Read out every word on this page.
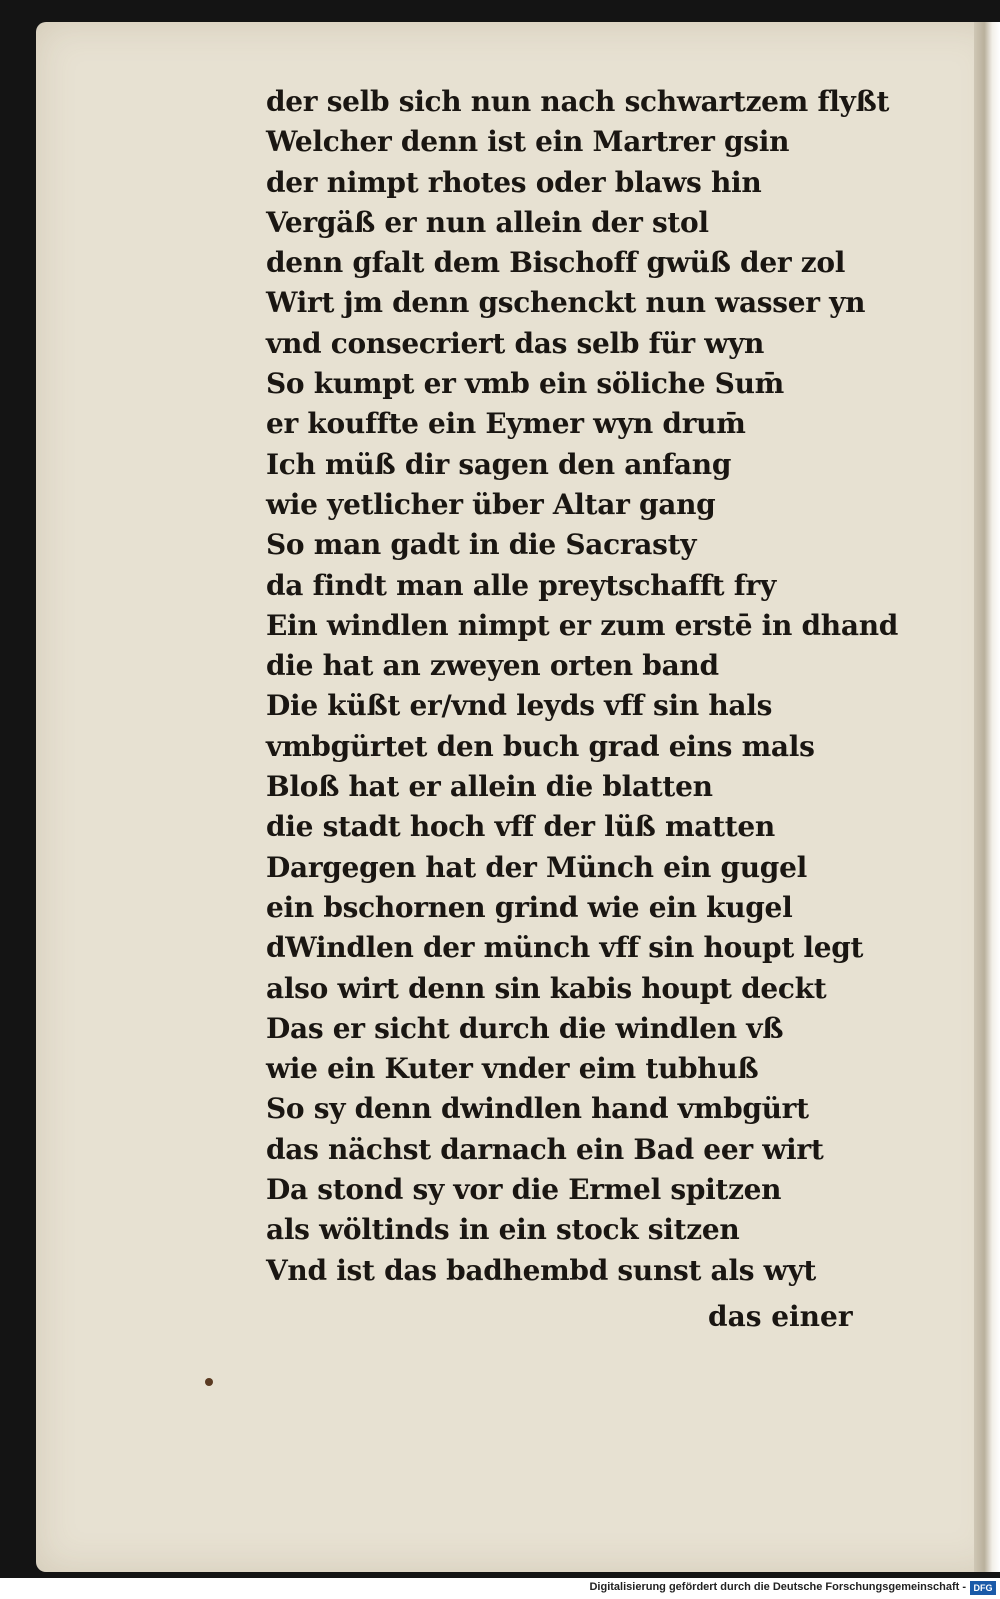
der selb sich nun nach schwartzem flyßt
Welcher denn ist ein Martrer gsin
der nimpt rhotes oder blaws hin
Vergäß er nun allein der stol
denn gfalt dem Bischoff gwüß der zol
Wirt jm denn gschenckt nun wasser yn
vnd consecriert das selb für wyn
So kumpt er vmb ein söliche Sum̄
er kouffte ein Eymer wyn drum̄
Ich müß dir sagen den anfang
wie yetlicher über Altar gang
So man gadt in die Sacrasty
da findt man alle preytschafft fry
Ein windlen nimpt er zum erstē in dhand
die hat an zweyen orten band
Die küßt er/vnd leyds vff sin hals
vmbgürtet den buch grad eins mals
Bloß hat er allein die blatten
die stadt hoch vff der lüß matten
Dargegen hat der Münch ein gugel
ein bschornen grind wie ein kugel
dWindlen der münch vff sin houpt legt
also wirt denn sin kabis houpt deckt
Das er sicht durch die windlen vß
wie ein Kuter vnder eim tubhuß
So sy denn dwindlen hand vmbgürt
das nächst darnach ein Bad eer wirt
Da stond sy vor die Ermel spitzen
als wöltinds in ein stock sitzen
Vnd ist das badhembd sunst als wyt
das einer
Digitalisierung gefördert durch die Deutsche Forschungsgemeinschaft - DFG
